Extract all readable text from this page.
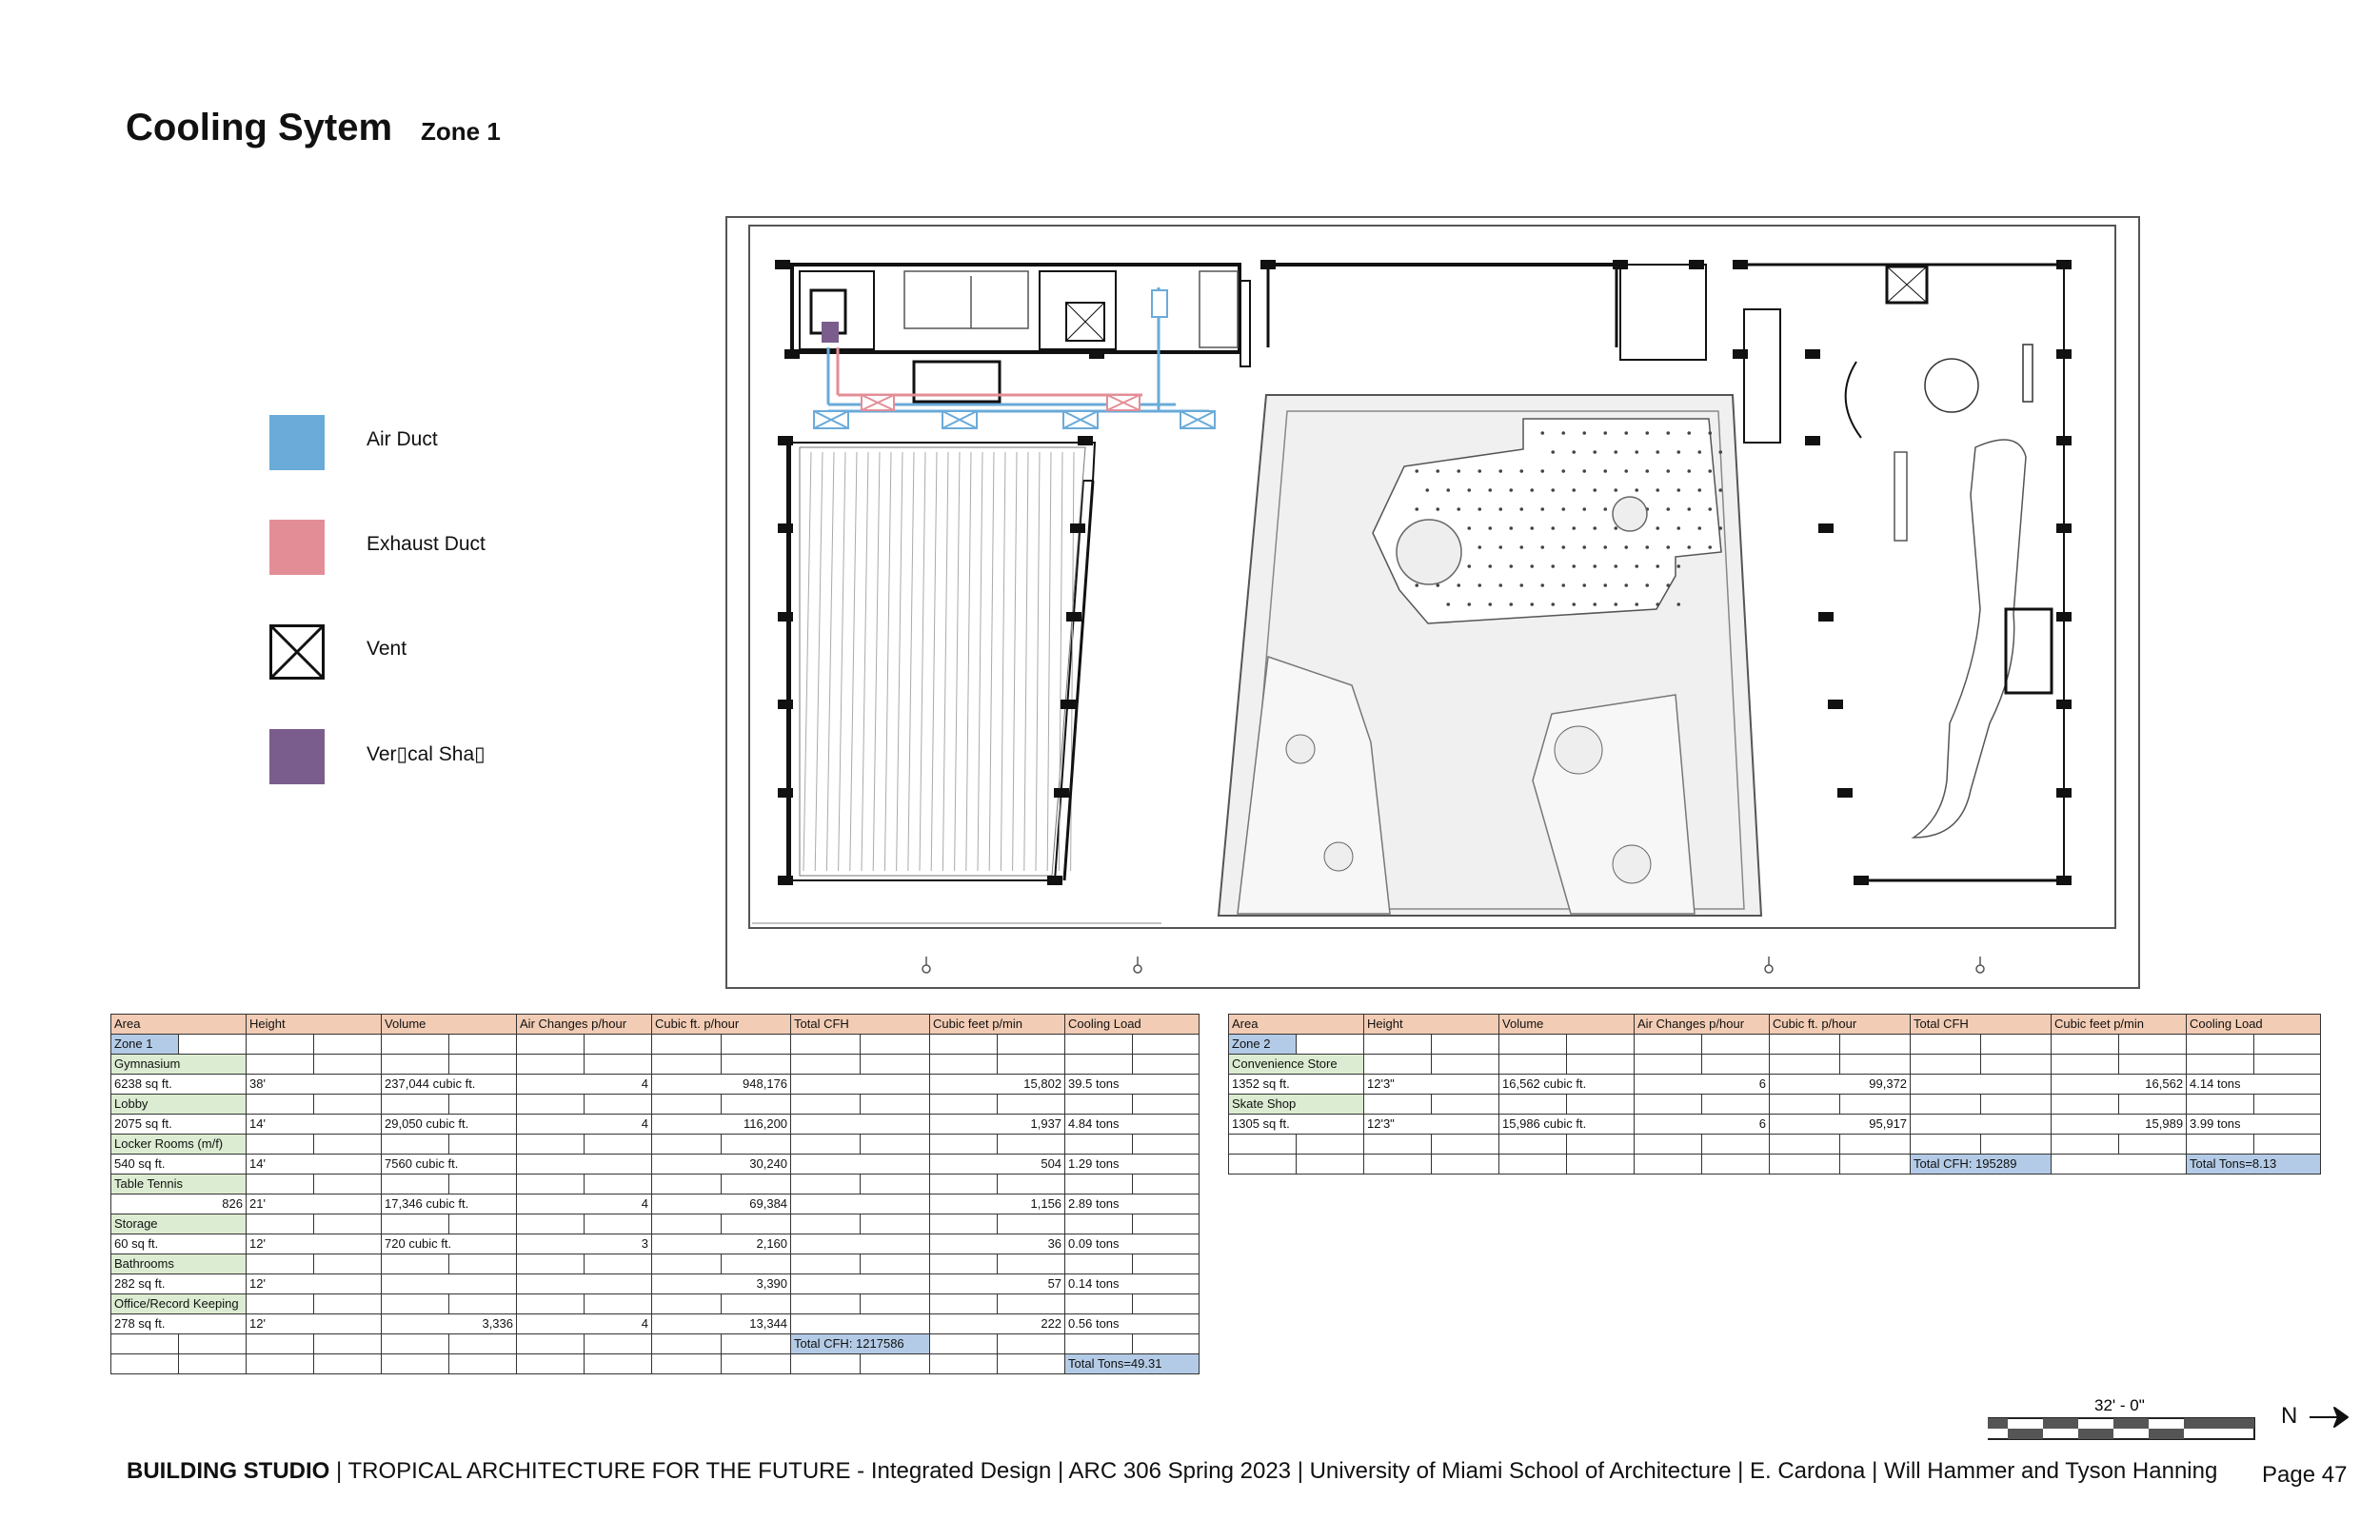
Cooling Sytem Zone 1
Air Duct
Exhaust Duct
Vent
Ver▯cal Sha▯
Area		Height		Volume		Air Changes p/hour		Cubic ft. p/hour		Total CFH		Cubic feet p/min		Cooling Load	
Zone 1															
Gymnasium															
6238 sq ft.		38'		237,044 cubic ft.		4		948,176				15,802		39.5 tons	
Lobby															
2075 sq ft.		14'		29,050 cubic ft.		4		116,200				1,937		4.84 tons	
Locker Rooms (m/f)															
540 sq ft.		14'		7560 cubic ft.				30,240				504		1.29 tons	
Table Tennis															
826		21'		17,346 cubic ft.		4		69,384				1,156		2.89 tons	
Storage															
60 sq ft.		12'		720 cubic ft.		3		2,160				36		0.09 tons	
Bathrooms															
282 sq ft.		12'						3,390				57		0.14 tons	
Office/Record Keeping															
278 sq ft.		12'		3,336		4		13,344				222		0.56 tons	
										Total CFH: 1217586					
														Total Tons=49.31	
Area		Height		Volume		Air Changes p/hour		Cubic ft. p/hour		Total CFH		Cubic feet p/min		Cooling Load	
Zone 2															
Convenience Store															
1352 sq ft.		12'3"		16,562 cubic ft.		6		99,372				16,562		4.14 tons	
Skate Shop															
1305 sq ft.		12'3"		15,986 cubic ft.		6		95,917				15,989		3.99 tons	

										Total CFH: 195289				Total Tons=8.13	
32' - 0"	N
BUILDING STUDIO | TROPICAL ARCHITECTURE FOR THE FUTURE - Integrated Design | ARC 306 Spring 2023 | University of Miami School of Architecture | E. Cardona | Will Hammer and Tyson Hanning Page 47
